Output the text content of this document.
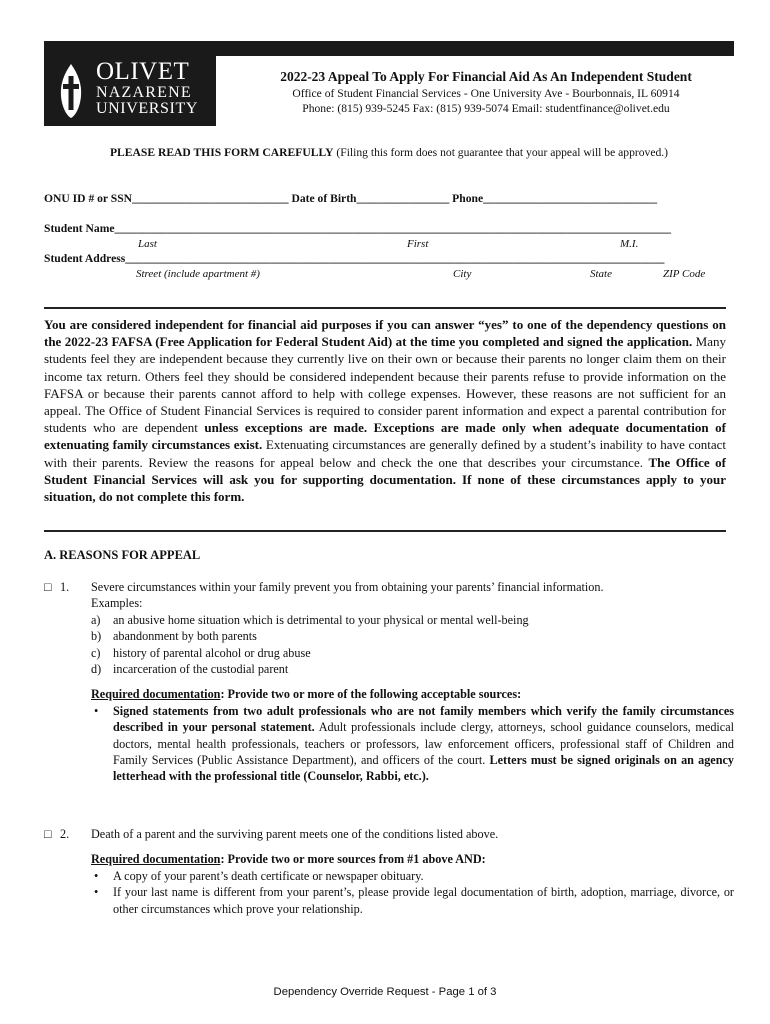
OLIVET
NAZARENE
UNIVERSITY
2022-23 Appeal To Apply For Financial Aid As An Independent Student
Office of Student Financial Services - One University Ave - Bourbonnais, IL 60914
Phone: (815) 939-5245 Fax: (815) 939-5074 Email: studentfinance@olivet.edu
PLEASE READ THIS FORM CAREFULLY (Filing this form does not guarantee that your appeal will be approved.)
ONU ID # or SSN___________________________ Date of Birth________________ Phone______________________________
Student Name________________________________________________________________________________________________
Last	First	M.I.
Student Address_____________________________________________________________________________________________
Street (include apartment #)	City	State	ZIP Code
You are considered independent for financial aid purposes if you can answer “yes” to one of the dependency questions on the 2022-23 FAFSA (Free Application for Federal Student Aid) at the time you completed and signed the application. Many students feel they are independent because they currently live on their own or because their parents no longer claim them on their income tax return. Others feel they should be considered independent because their parents refuse to provide information on the FAFSA or because their parents cannot afford to help with college expenses. However, these reasons are not sufficient for an appeal. The Office of Student Financial Services is required to consider parent information and expect a parental contribution for students who are dependent unless exceptions are made. Exceptions are made only when adequate documentation of extenuating family circumstances exist. Extenuating circumstances are generally defined by a student’s inability to have contact with their parents. Review the reasons for appeal below and check the one that describes your circumstance. The Office of Student Financial Services will ask you for supporting documentation. If none of these circumstances apply to your situation, do not complete this form.
A. REASONS FOR APPEAL
□ 1. Severe circumstances within your family prevent you from obtaining your parents’ financial information.
Examples:
a) an abusive home situation which is detrimental to your physical or mental well-being
b) abandonment by both parents
c) history of parental alcohol or drug abuse
d) incarceration of the custodial parent
Required documentation: Provide two or more of the following acceptable sources:
• Signed statements from two adult professionals who are not family members which verify the family circumstances described in your personal statement. Adult professionals include clergy, attorneys, school guidance counselors, medical doctors, mental health professionals, teachers or professors, law enforcement officers, professional staff of Children and Family Services (Public Assistance Department), and officers of the court. Letters must be signed originals on an agency letterhead with the professional title (Counselor, Rabbi, etc.).
□ 2. Death of a parent and the surviving parent meets one of the conditions listed above.
Required documentation: Provide two or more sources from #1 above AND:
• A copy of your parent’s death certificate or newspaper obituary.
• If your last name is different from your parent’s, please provide legal documentation of birth, adoption, marriage, divorce, or other circumstances which prove your relationship.
Dependency Override Request - Page 1 of 3
